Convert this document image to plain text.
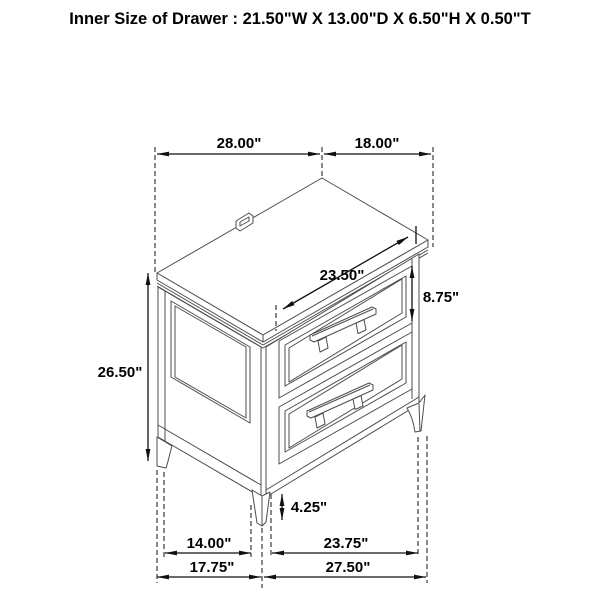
Inner Size of Drawer : 21.50"W X 13.00"D X 6.50"H X 0.50"T
28.00"	18.00"
26.50"
23.50"
8.75"
4.25"
14.00"	23.75"
17.75"	27.50"
